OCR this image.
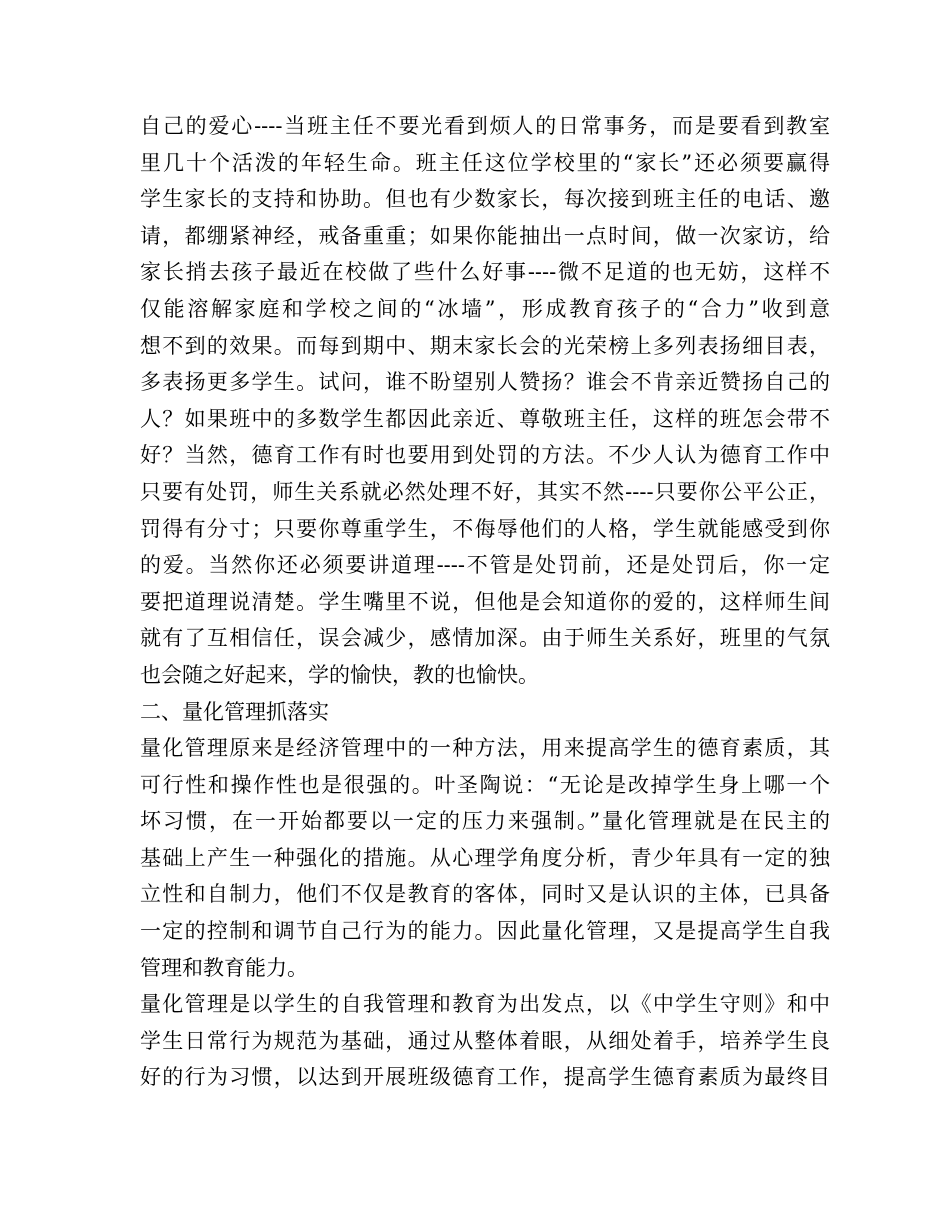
自己的爱心----当班主任不要光看到烦人的日常事务，而是要看到教室
里几十个活泼的年轻生命。班主任这位学校里的“家长”还必须要赢得
学生家长的支持和协助。但也有少数家长，每次接到班主任的电话、邀
请，都绷紧神经，戒备重重；如果你能抽出一点时间，做一次家访，给
家长捎去孩子最近在校做了些什么好事----微不足道的也无妨，这样不
仅能溶解家庭和学校之间的“冰墙”，形成教育孩子的“合力”收到意
想不到的效果。而每到期中、期末家长会的光荣榜上多列表扬细目表，
多表扬更多学生。试问，谁不盼望别人赞扬？谁会不肯亲近赞扬自己的
人？如果班中的多数学生都因此亲近、尊敬班主任，这样的班怎会带不
好？当然，德育工作有时也要用到处罚的方法。不少人认为德育工作中
只要有处罚，师生关系就必然处理不好，其实不然----只要你公平公正，
罚得有分寸；只要你尊重学生，不侮辱他们的人格，学生就能感受到你
的爱。当然你还必须要讲道理----不管是处罚前，还是处罚后，你一定
要把道理说清楚。学生嘴里不说，但他是会知道你的爱的，这样师生间
就有了互相信任，误会减少，感情加深。由于师生关系好，班里的气氛
也会随之好起来，学的愉快，教的也愉快。
二、量化管理抓落实
量化管理原来是经济管理中的一种方法，用来提高学生的德育素质，其
可行性和操作性也是很强的。叶圣陶说：“无论是改掉学生身上哪一个
坏习惯，在一开始都要以一定的压力来强制。”量化管理就是在民主的
基础上产生一种强化的措施。从心理学角度分析，青少年具有一定的独
立性和自制力，他们不仅是教育的客体，同时又是认识的主体，已具备
一定的控制和调节自己行为的能力。因此量化管理，又是提高学生自我
管理和教育能力。
量化管理是以学生的自我管理和教育为出发点，以《中学生守则》和中
学生日常行为规范为基础，通过从整体着眼，从细处着手，培养学生良
好的行为习惯，以达到开展班级德育工作，提高学生德育素质为最终目
